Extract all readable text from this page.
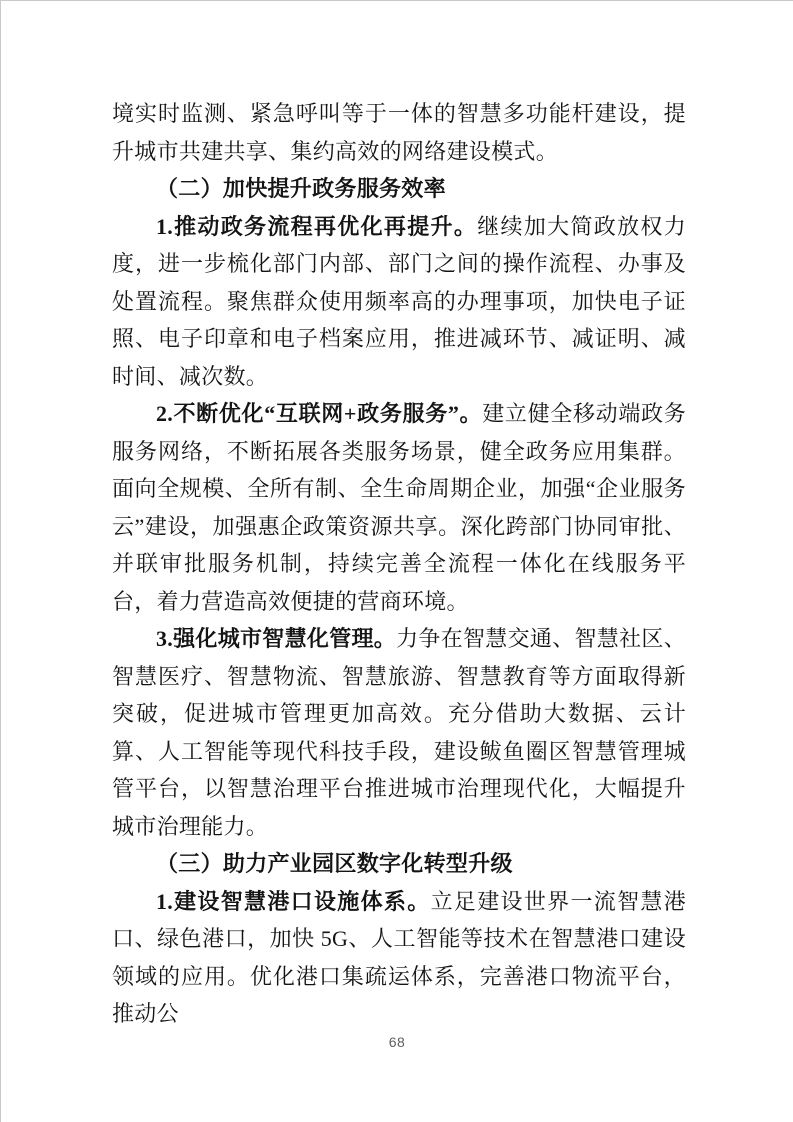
境实时监测、紧急呼叫等于一体的智慧多功能杆建设，提升城市共建共享、集约高效的网络建设模式。

（二）加快提升政务服务效率

1.推动政务流程再优化再提升。继续加大简政放权力度，进一步梳化部门内部、部门之间的操作流程、办事及处置流程。聚焦群众使用频率高的办理事项，加快电子证照、电子印章和电子档案应用，推进减环节、减证明、减时间、减次数。

2.不断优化“互联网+政务服务”。建立健全移动端政务服务网络，不断拓展各类服务场景，健全政务应用集群。面向全规模、全所有制、全生命周期企业，加强“企业服务云”建设，加强惠企政策资源共享。深化跨部门协同审批、并联审批服务机制，持续完善全流程一体化在线服务平台，着力营造高效便捷的营商环境。

3.强化城市智慧化管理。力争在智慧交通、智慧社区、智慧医疗、智慧物流、智慧旅游、智慧教育等方面取得新突破，促进城市管理更加高效。充分借助大数据、云计算、人工智能等现代科技手段，建设鲅鱼圈区智慧管理城管平台，以智慧治理平台推进城市治理现代化，大幅提升城市治理能力。

（三）助力产业园区数字化转型升级

1.建设智慧港口设施体系。立足建设世界一流智慧港口、绿色港口，加快 5G、人工智能等技术在智慧港口建设领域的应用。优化港口集疏运体系，完善港口物流平台，推动公

68
